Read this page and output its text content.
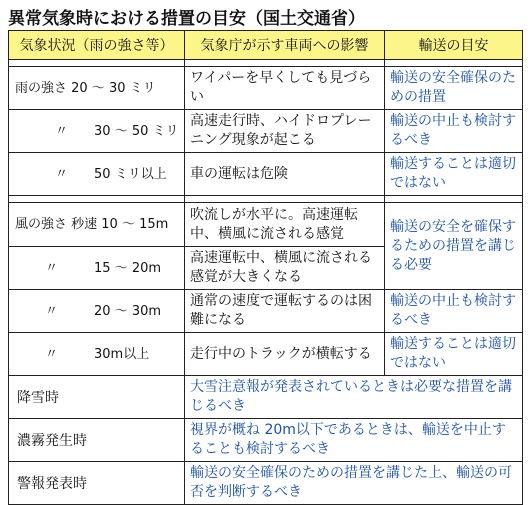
異常気象時における措置の目安（国土交通省）
気象状況（雨の強さ等）	気象庁が示す車両への影響	輸送の目安

雨の強さ 20 ～ 30 ミリ	ワイパーを早くしても見づらい	輸送の安全確保のための措置
〃 30 ～ 50 ミリ	高速走行時、ハイドロプレーニング現象が起こる	輸送の中止も検討するべき
〃 50 ミリ以上	車の運転は危険	輸送することは適切ではない

風の強さ 秒速 10 ～ 15m	吹流しが水平に。高速運転中、横風に流される感覚	輸送の安全を確保するための措置を講じる必要
〃 15 ～ 20m	高速運転中、横風に流される感覚が大きくなる	
〃 20 ～ 30m	通常の速度で運転するのは困難になる	輸送の中止も検討するべき
〃 30m以上	走行中のトラックが横転する	輸送することは適切ではない
降雪時	大雪注意報が発表されているときは必要な措置を講じるべき	
濃霧発生時	視界が概ね 20m以下であるときは、輸送を中止することも検討するべき	
警報発表時	輸送の安全確保のための措置を講じた上、輸送の可否を判断するべき	
